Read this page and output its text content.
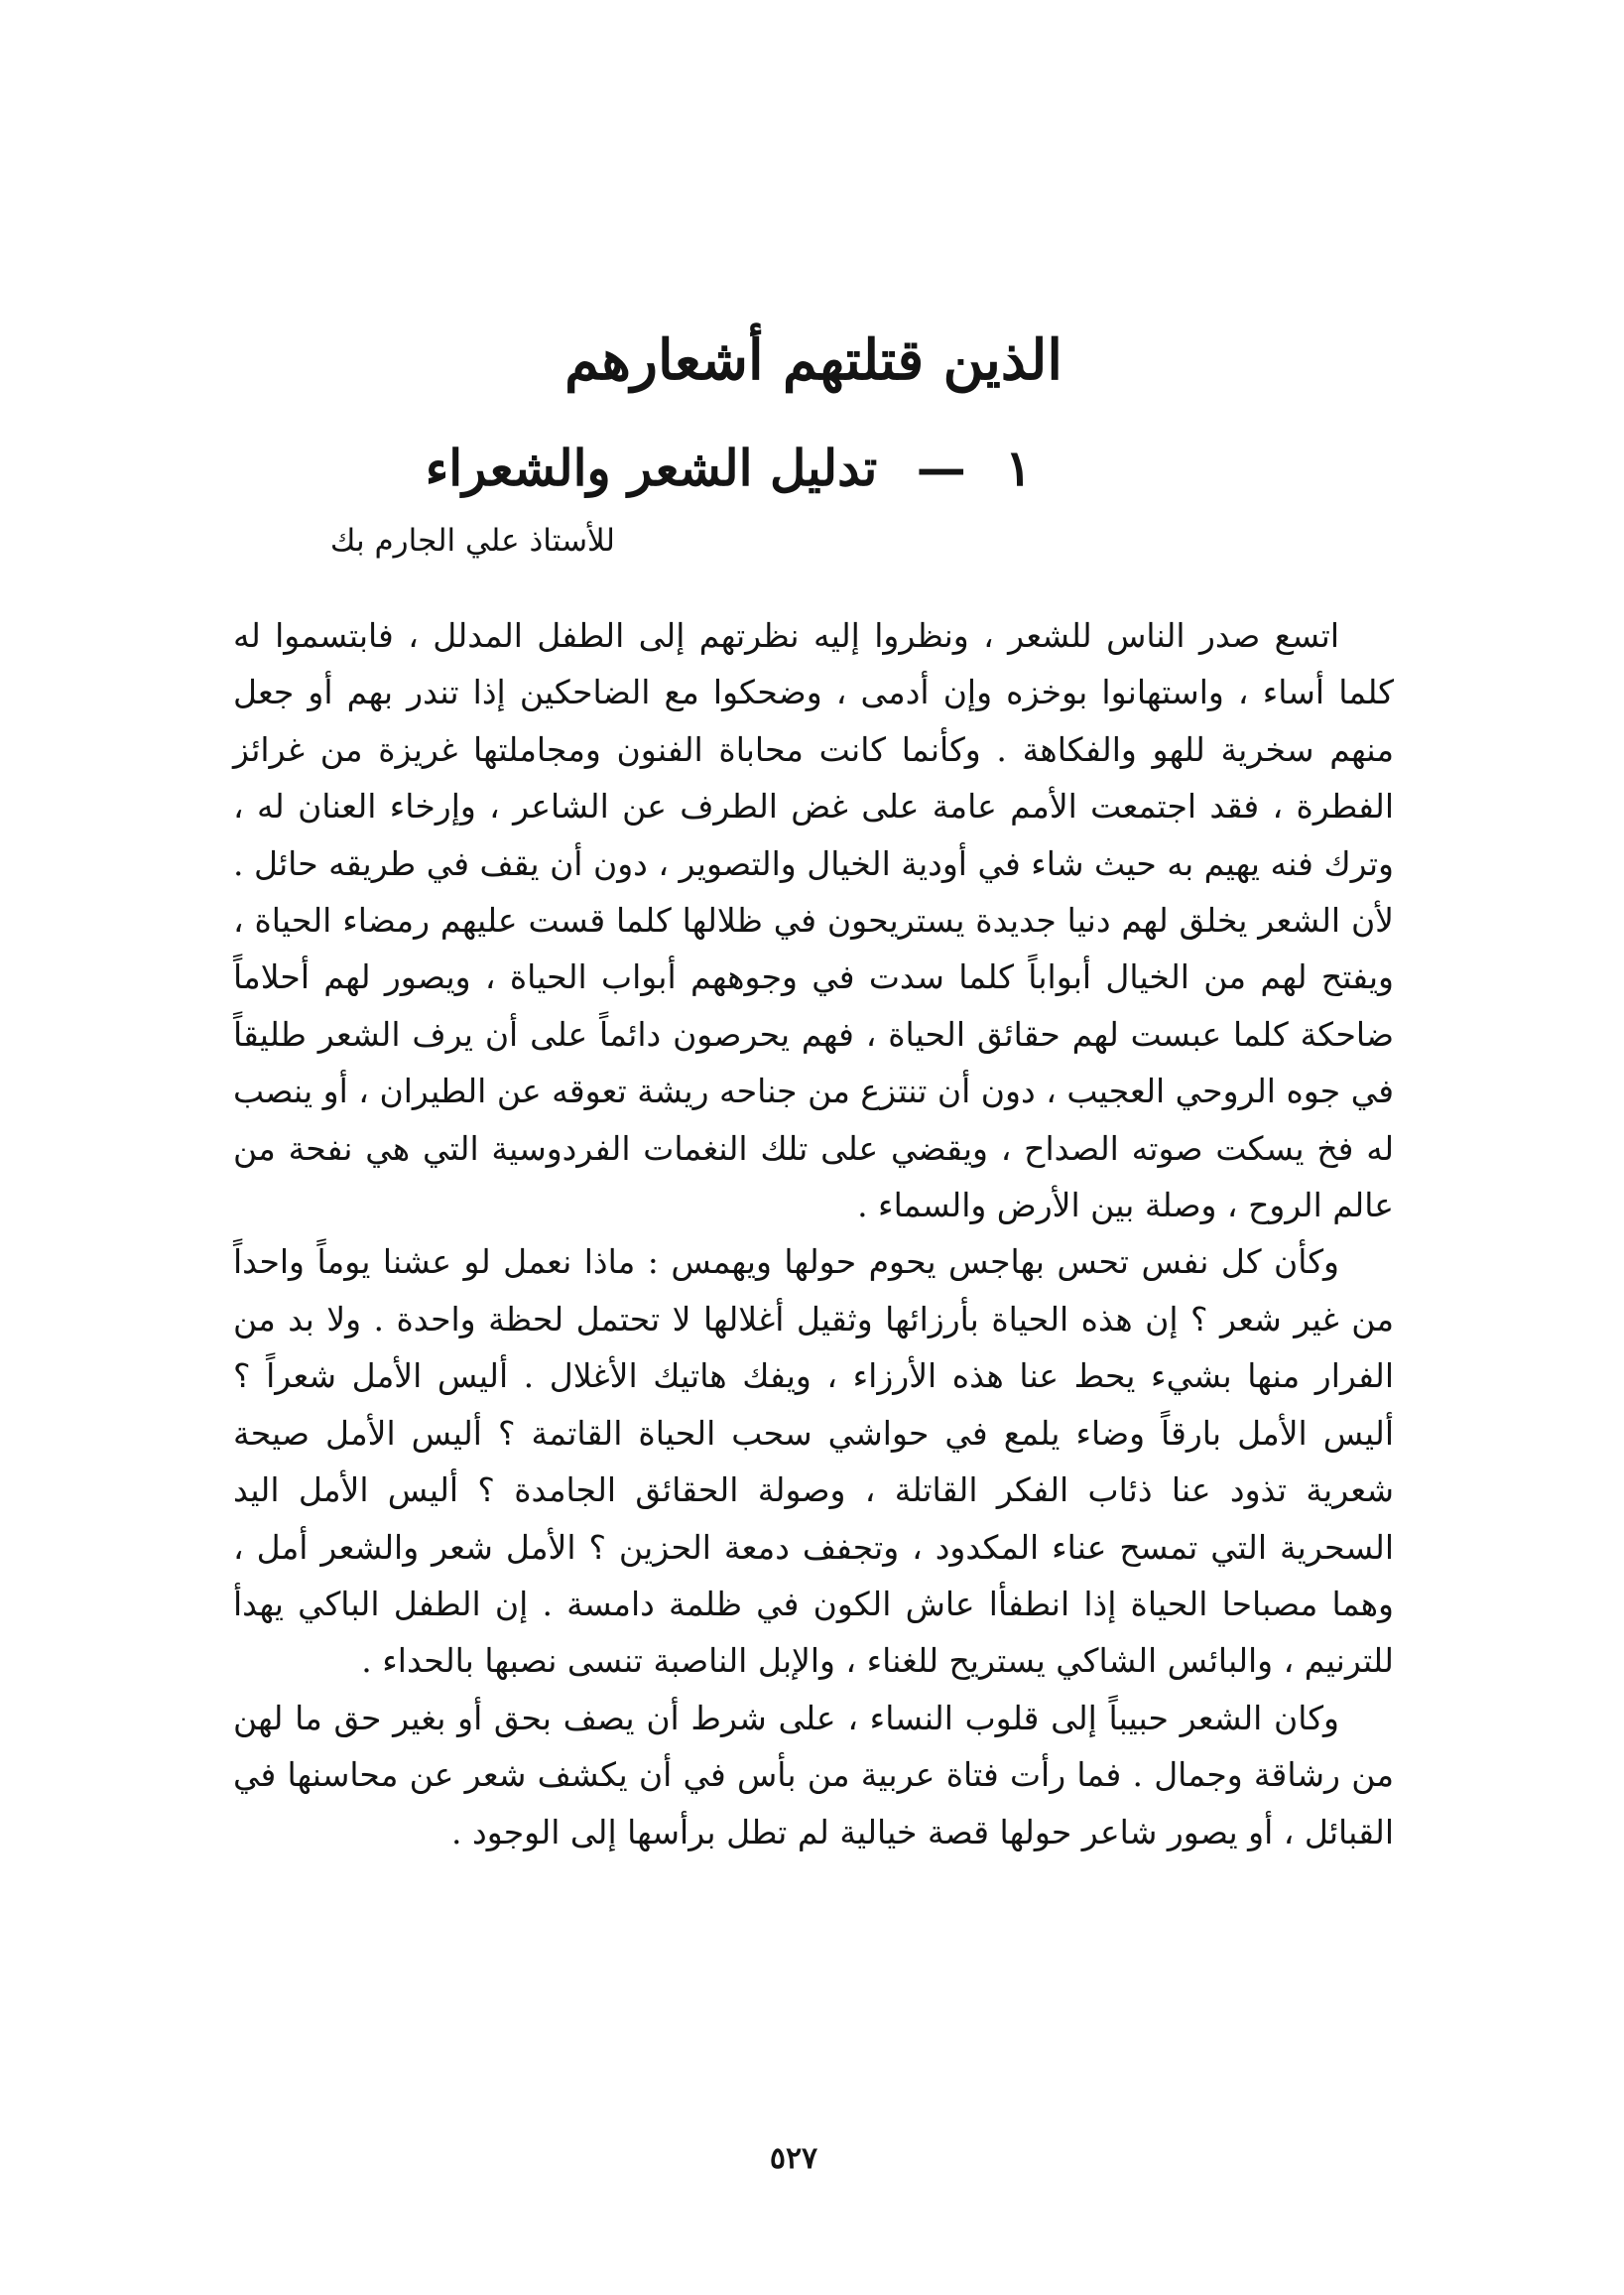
الذين قتلتهم أشعارهم
١ — تدليل الشعر والشعراء
للأستاذ علي الجارم بك

اتسع صدر الناس للشعر ، ونظروا إليه نظرتهم إلى الطفل المدلل ، فابتسموا له كلما أساء ، واستهانوا بوخزه وإن أدمى ، وضحكوا مع الضاحكين إذا تندر بهم أو جعل منهم سخرية للهو والفكاهة . وكأنما كانت محاباة الفنون ومجاملتها غريزة من غرائز الفطرة ، فقد اجتمعت الأمم عامة على غض الطرف عن الشاعر ، وإرخاء العنان له ، وترك فنه يهيم به حيث شاء في أودية الخيال والتصوير ، دون أن يقف في طريقه حائل . لأن الشعر يخلق لهم دنيا جديدة يستريحون في ظلالها كلما قست عليهم رمضاء الحياة ، ويفتح لهم من الخيال أبواباً كلما سدت في وجوههم أبواب الحياة ، ويصور لهم أحلاماً ضاحكة كلما عبست لهم حقائق الحياة ، فهم يحرصون دائماً على أن يرف الشعر طليقاً في جوه الروحي العجيب ، دون أن تنتزع من جناحه ريشة تعوقه عن الطيران ، أو ينصب له فخ يسكت صوته الصداح ، ويقضي على تلك النغمات الفردوسية التي هي نفحة من عالم الروح ، وصلة بين الأرض والسماء .

وكأن كل نفس تحس بهاجس يحوم حولها ويهمس : ماذا نعمل لو عشنا يوماً واحداً من غير شعر ؟ إن هذه الحياة بأرزائها وثقيل أغلالها لا تحتمل لحظة واحدة . ولا بد من الفرار منها بشيء يحط عنا هذه الأرزاء ، ويفك هاتيك الأغلال . أليس الأمل شعراً ؟ أليس الأمل بارقاً وضاء يلمع في حواشي سحب الحياة القاتمة ؟ أليس الأمل صيحة شعرية تذود عنا ذئاب الفكر القاتلة ، وصولة الحقائق الجامدة ؟ أليس الأمل اليد السحرية التي تمسح عناء المكدود ، وتجفف دمعة الحزين ؟ الأمل شعر والشعر أمل ، وهما مصباحا الحياة إذا انطفأا عاش الكون في ظلمة دامسة . إن الطفل الباكي يهدأ للترنيم ، والبائس الشاكي يستريح للغناء ، والإبل الناصبة تنسى نصبها بالحداء .

وكان الشعر حبيباً إلى قلوب النساء ، على شرط أن يصف بحق أو بغير حق ما لهن من رشاقة وجمال . فما رأت فتاة عربية من بأس في أن يكشف شعر عن محاسنها في القبائل ، أو يصور شاعر حولها قصة خيالية لم تطل برأسها إلى الوجود .

٥٢٧
